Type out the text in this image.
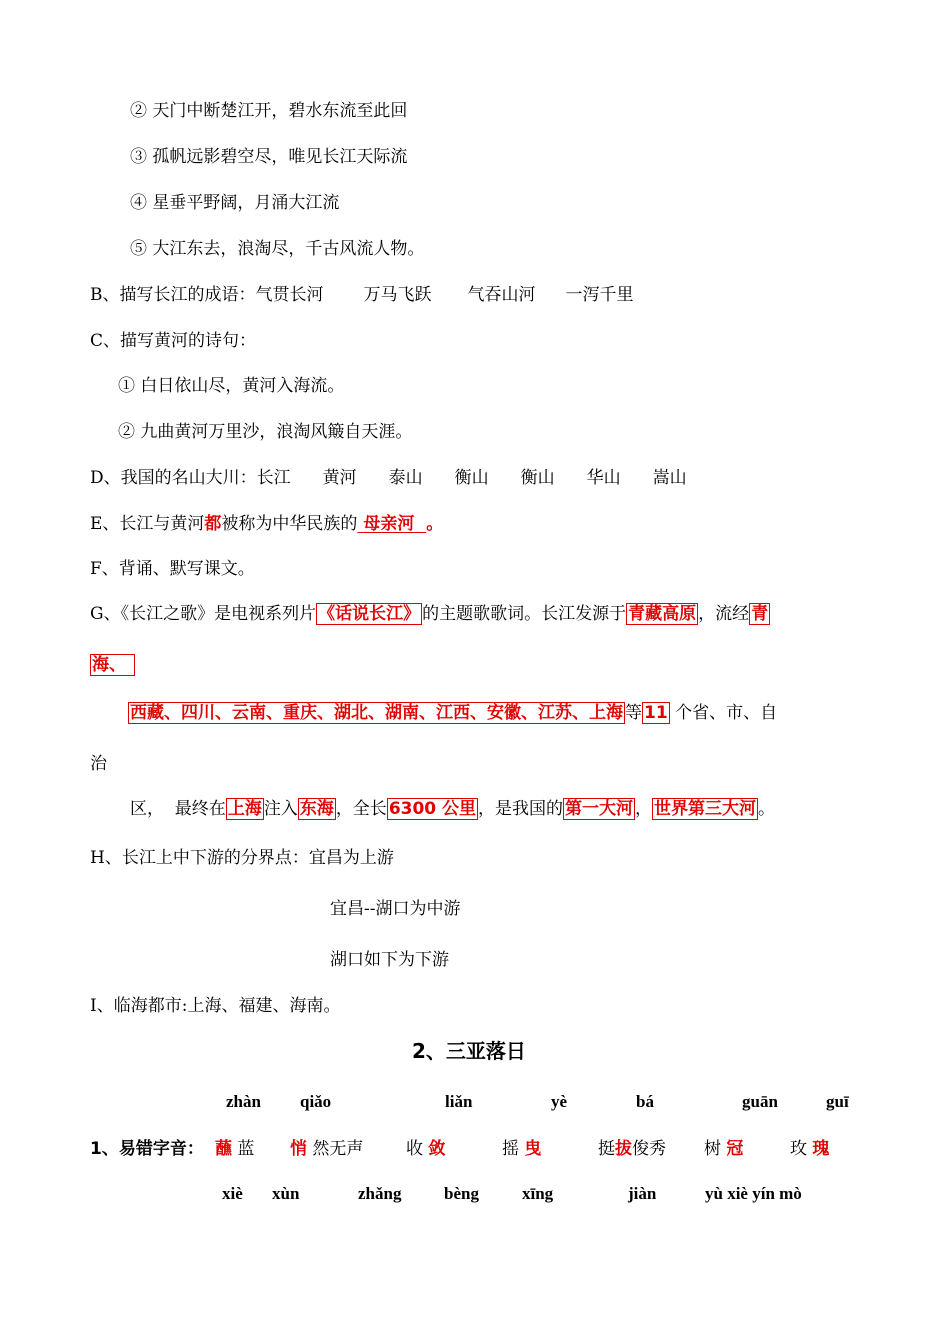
② 天门中断楚江开，碧水东流至此回
③ 孤帆远影碧空尽，唯见长江天际流
④ 星垂平野阔，月涌大江流
⑤ 大江东去，浪淘尽，千古风流人物。
B、描写长江的成语：气贯长河 万马飞跃 气吞山河 一泻千里
C、描写黄河的诗句：
① 白日依山尽，黄河入海流。
② 九曲黄河万里沙，浪淘风簸自天涯。
D、我国的名山大川：长江 黄河 泰山 衡山 衡山 华山 嵩山
E、长江与黄河都被称为中华民族的 母亲河 。
F、背诵、默写课文。
G、《长江之歌》是电视系列片 《话说长江》 的主题歌歌词。长江发源于 青藏高原 ，流经 青
海、
西藏、四川、云南、重庆、湖北、湖南、江西、安徽、江苏、上海 等 11 个省、市、自
治
区，  最终在 上海 注入 东海 ，全长 6300 公里 ，是我国的 第一大河 ， 世界第三大河 。
H、长江上中下游的分界点：宜昌为上游
宜昌--湖口为中游
湖口如下为下游
I、临海都市:上海、福建、海南。
2、三亚落日
zhàn qiǎo	liǎn	yè	bá	guān	guī
1、易错字音： 蘸 蓝 悄 然无声	收 敛	摇 曳	挺拔俊秀 树 冠	玫 瑰
xiè xùn	zhǎng	bèng	xīng	jiàn	yù xiè yín mò
